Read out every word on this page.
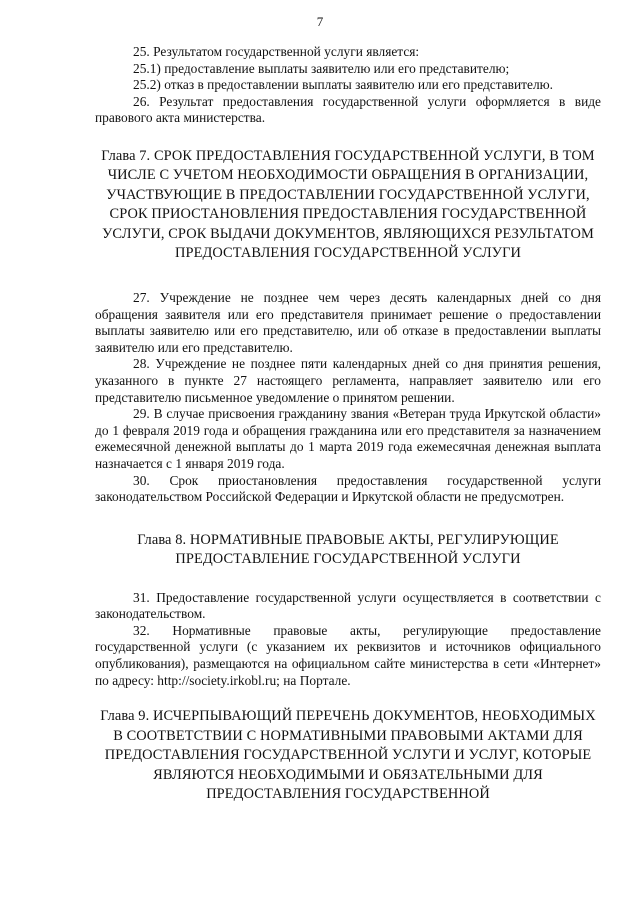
7

25. Результатом государственной услуги является:

25.1) предоставление выплаты заявителю или его представителю;

25.2) отказ в предоставлении выплаты заявителю или его представителю.

26. Результат предоставления государственной услуги оформляется в виде правового акта министерства.

Глава 7. СРОК ПРЕДОСТАВЛЕНИЯ ГОСУДАРСТВЕННОЙ УСЛУГИ, В ТОМ ЧИСЛЕ С УЧЕТОМ НЕОБХОДИМОСТИ ОБРАЩЕНИЯ В ОРГАНИЗАЦИИ, УЧАСТВУЮЩИЕ В ПРЕДОСТАВЛЕНИИ ГОСУДАРСТВЕННОЙ УСЛУГИ, СРОК ПРИОСТАНОВЛЕНИЯ ПРЕДОСТАВЛЕНИЯ ГОСУДАРСТВЕННОЙ УСЛУГИ, СРОК ВЫДАЧИ ДОКУМЕНТОВ, ЯВЛЯЮЩИХСЯ РЕЗУЛЬТАТОМ ПРЕДОСТАВЛЕНИЯ ГОСУДАРСТВЕННОЙ УСЛУГИ

27. Учреждение не позднее чем через десять календарных дней со дня обращения заявителя или его представителя принимает решение о предоставлении выплаты заявителю или его представителю, или об отказе в предоставлении выплаты заявителю или его представителю.

28. Учреждение не позднее пяти календарных дней со дня принятия решения, указанного в пункте 27 настоящего регламента, направляет заявителю или его представителю письменное уведомление о принятом решении.

29. В случае присвоения гражданину звания «Ветеран труда Иркутской области» до 1 февраля 2019 года и обращения гражданина или его представителя за назначением ежемесячной денежной выплаты до 1 марта 2019 года ежемесячная денежная выплата назначается с 1 января 2019 года.

30. Срок приостановления предоставления государственной услуги законодательством Российской Федерации и Иркутской области не предусмотрен.

Глава 8. НОРМАТИВНЫЕ ПРАВОВЫЕ АКТЫ, РЕГУЛИРУЮЩИЕ ПРЕДОСТАВЛЕНИЕ ГОСУДАРСТВЕННОЙ УСЛУГИ

31. Предоставление государственной услуги осуществляется в соответствии с законодательством.

32. Нормативные правовые акты, регулирующие предоставление государственной услуги (с указанием их реквизитов и источников официального опубликования), размещаются на официальном сайте министерства в сети «Интернет» по адресу: http://society.irkobl.ru; на Портале.

Глава 9. ИСЧЕРПЫВАЮЩИЙ ПЕРЕЧЕНЬ ДОКУМЕНТОВ, НЕОБХОДИМЫХ В СООТВЕТСТВИИ С НОРМАТИВНЫМИ ПРАВОВЫМИ АКТАМИ ДЛЯ ПРЕДОСТАВЛЕНИЯ ГОСУДАРСТВЕННОЙ УСЛУГИ И УСЛУГ, КОТОРЫЕ ЯВЛЯЮТСЯ НЕОБХОДИМЫМИ И ОБЯЗАТЕЛЬНЫМИ ДЛЯ ПРЕДОСТАВЛЕНИЯ ГОСУДАРСТВЕННОЙ
